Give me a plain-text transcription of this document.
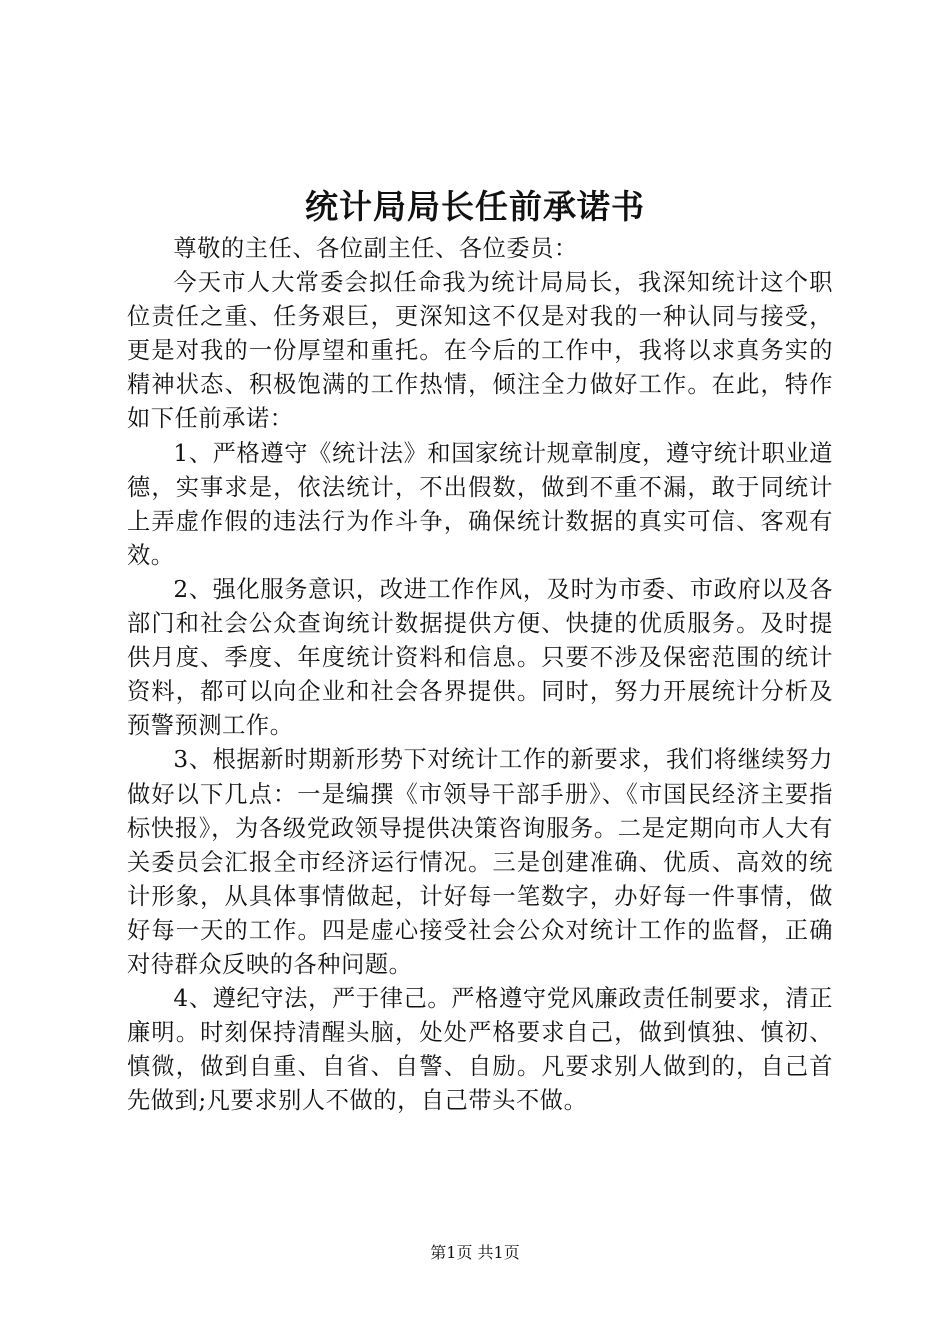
统计局局长任前承诺书

尊敬的主任、各位副主任、各位委员：

今天市人大常委会拟任命我为统计局局长，我深知统计这个职位责任之重、任务艰巨，更深知这不仅是对我的一种认同与接受，更是对我的一份厚望和重托。在今后的工作中，我将以求真务实的精神状态、积极饱满的工作热情，倾注全力做好工作。在此，特作如下任前承诺：

1、严格遵守《统计法》和国家统计规章制度，遵守统计职业道德，实事求是，依法统计，不出假数，做到不重不漏，敢于同统计上弄虚作假的违法行为作斗争，确保统计数据的真实可信、客观有效。

2、强化服务意识，改进工作作风，及时为市委、市政府以及各部门和社会公众查询统计数据提供方便、快捷的优质服务。及时提供月度、季度、年度统计资料和信息。只要不涉及保密范围的统计资料，都可以向企业和社会各界提供。同时，努力开展统计分析及预警预测工作。

3、根据新时期新形势下对统计工作的新要求，我们将继续努力做好以下几点：一是编撰《市领导干部手册》、《市国民经济主要指标快报》，为各级党政领导提供决策咨询服务。二是定期向市人大有关委员会汇报全市经济运行情况。三是创建准确、优质、高效的统计形象，从具体事情做起，计好每一笔数字，办好每一件事情，做好每一天的工作。四是虚心接受社会公众对统计工作的监督，正确对待群众反映的各种问题。

4、遵纪守法，严于律己。严格遵守党风廉政责任制要求，清正廉明。时刻保持清醒头脑，处处严格要求自己，做到慎独、慎初、慎微，做到自重、自省、自警、自励。凡要求别人做到的，自己首先做到;凡要求别人不做的，自己带头不做。

第1页 共1页
